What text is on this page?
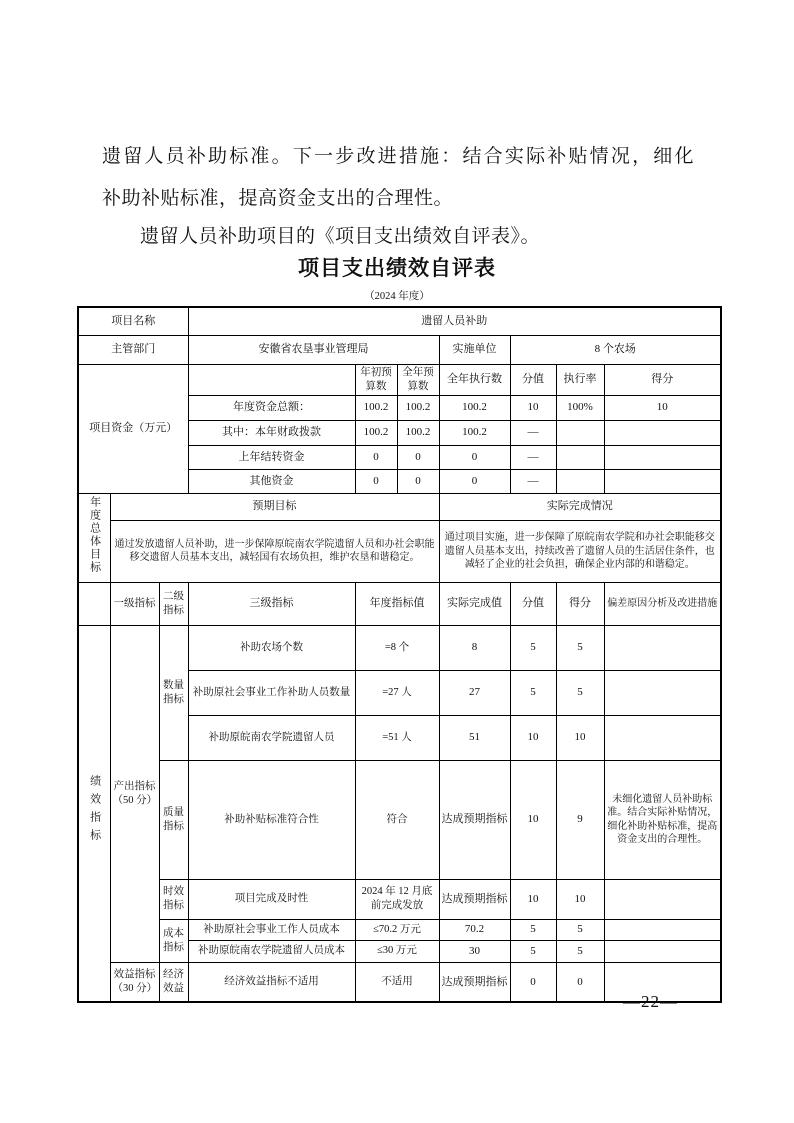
遗留人员补助标准。下一步改进措施：结合实际补贴情况，细化
补助补贴标准，提高资金支出的合理性。
遗留人员补助项目的《项目支出绩效自评表》。
项目支出绩效自评表
（2024 年度）
项目名称			遗留人员补助						
主管部门			安徽省农垦事业管理局			实施单位	8 个农场		
项目资金（万元）				年初预算数	全年预算数	全年执行数	分值	执行率	得分
			年度资金总额：	100.2	100.2	100.2	10	100%	10
			其中：本年财政拨款	100.2	100.2	100.2	—		
			上年结转资金	0	0	0	—		
			其他资金	0	0	0	—		
年度总体目标	预期目标					实际完成情况			
	通过发放遗留人员补助，进一步保障原皖南农学院遗留人员和办社会职能移交遗留人员基本支出，减轻国有农场负担，维护农垦和谐稳定。					通过项目实施，进一步保障了原皖南农学院和办社会职能移交遗留人员基本支出，持续改善了遗留人员的生活居住条件，也减轻了企业的社会负担，确保企业内部的和谐稳定。			
	一级指标	二级指标	三级指标	年度指标值		实际完成值	分值	得分	偏差原因分析及改进措施
绩效指标	产出指标（50 分）	数量指标	补助农场个数	=8 个		8	5	5	
			补助原社会事业工作补助人员数量	=27 人		27	5	5	
			补助原皖南农学院遗留人员	=51 人		51	10	10	
		质量指标	补助补贴标准符合性	符合		达成预期指标	10	9	未细化遗留人员补助标准。结合实际补贴情况，细化补助补贴标准，提高资金支出的合理性。
		时效指标	项目完成及时性	2024 年 12 月底前完成发放		达成预期指标	10	10	
		成本指标	补助原社会事业工作人员成本	≤70.2 万元		70.2	5	5	
			补助原皖南农学院遗留人员成本	≤30 万元		30	5	5	
	效益指标（30 分）	经济效益	经济效益指标不适用	不适用		达成预期指标	0	0	
—22—
